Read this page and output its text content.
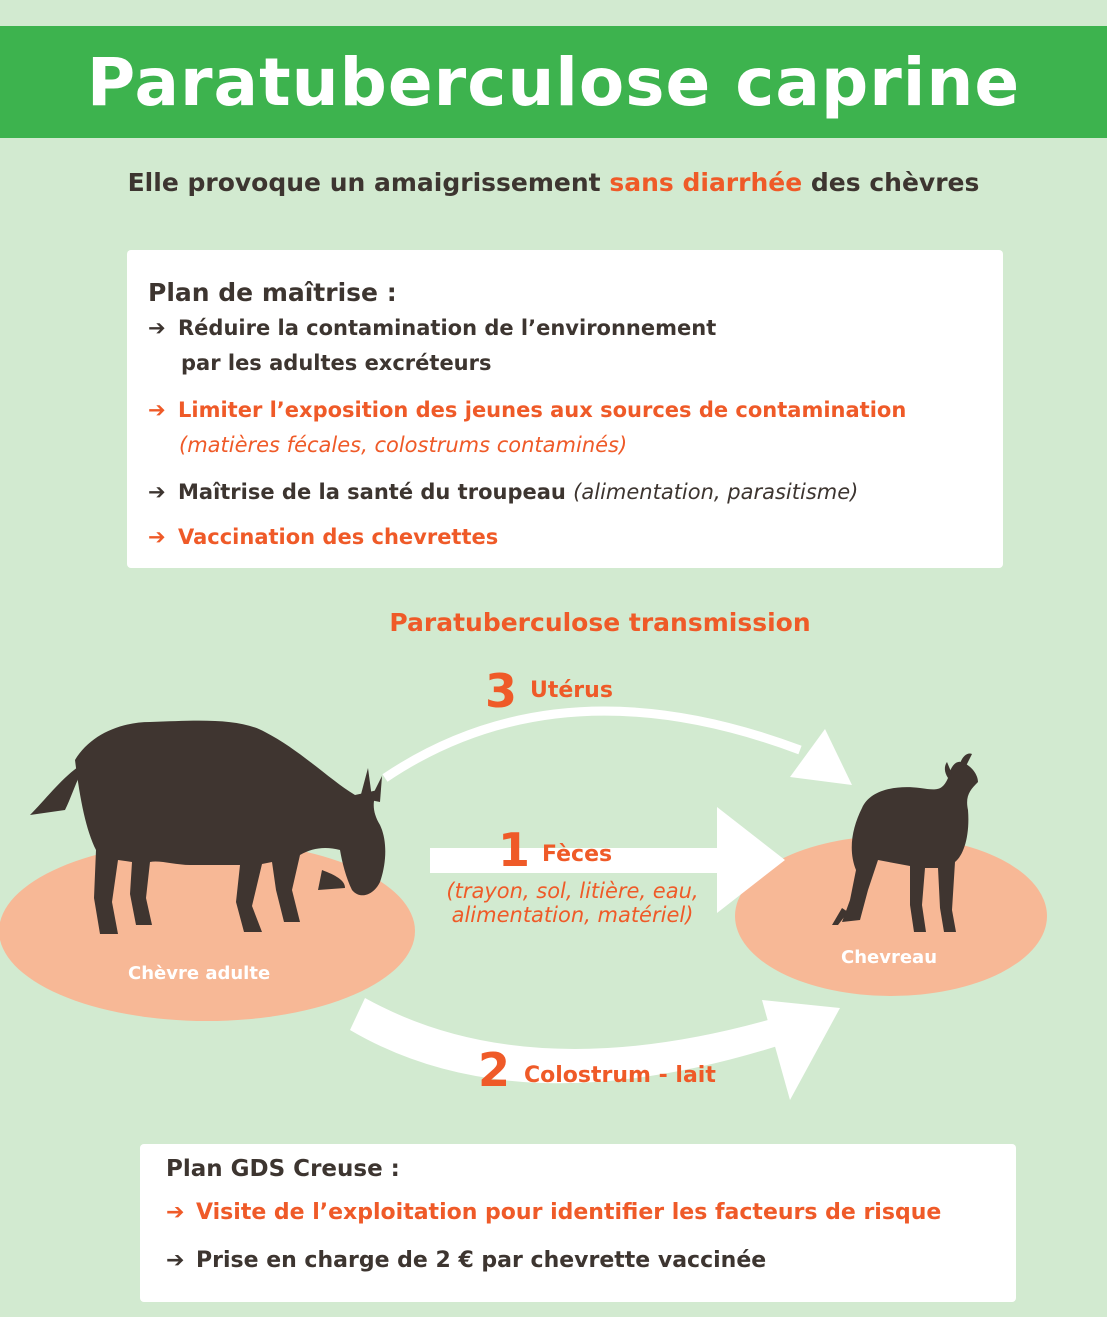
Paratuberculose caprine
Elle provoque un amaigrissement sans diarrhée des chèvres
Plan de maîtrise :
➔ Réduire la contamination de l’environnement
par les adultes excréteurs
➔ Limiter l’exposition des jeunes aux sources de contamination
(matières fécales, colostrums contaminés)
➔ Maîtrise de la santé du troupeau (alimentation, parasitisme)
➔ Vaccination des chevrettes
Paratuberculose transmission
3 Utérus
1 Fèces
(trayon, sol, litière, eau,
alimentation, matériel)
2 Colostrum - lait
Chèvre adulte
Chevreau
Plan GDS Creuse :
➔ Visite de l’exploitation pour identifier les facteurs de risque
➔ Prise en charge de 2 € par chevrette vaccinée
